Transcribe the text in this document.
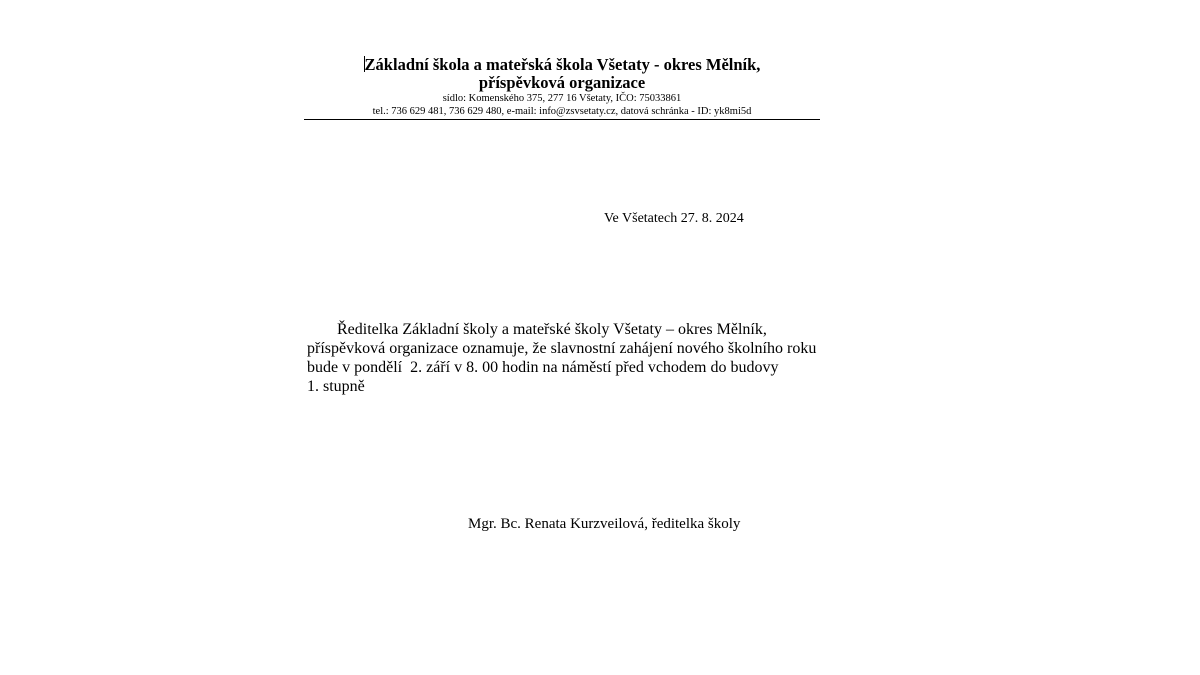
Základní škola a mateřská škola Všetaty - okres Mělník,
příspěvková organizace
sídlo: Komenského 375, 277 16 Všetaty, IČO: 75033861
tel.: 736 629 481, 736 629 480, e-mail: info@zsvsetaty.cz, datová schránka - ID: yk8mi5d
Ve Všetatech 27. 8. 2024
Ředitelka Základní školy a mateřské školy Všetaty – okres Mělník,
příspěvková organizace oznamuje, že slavnostní zahájení nového školního roku
bude v pondělí  2. září v 8. 00 hodin na náměstí před vchodem do budovy
1. stupně
Mgr. Bc. Renata Kurzveilová, ředitelka školy
